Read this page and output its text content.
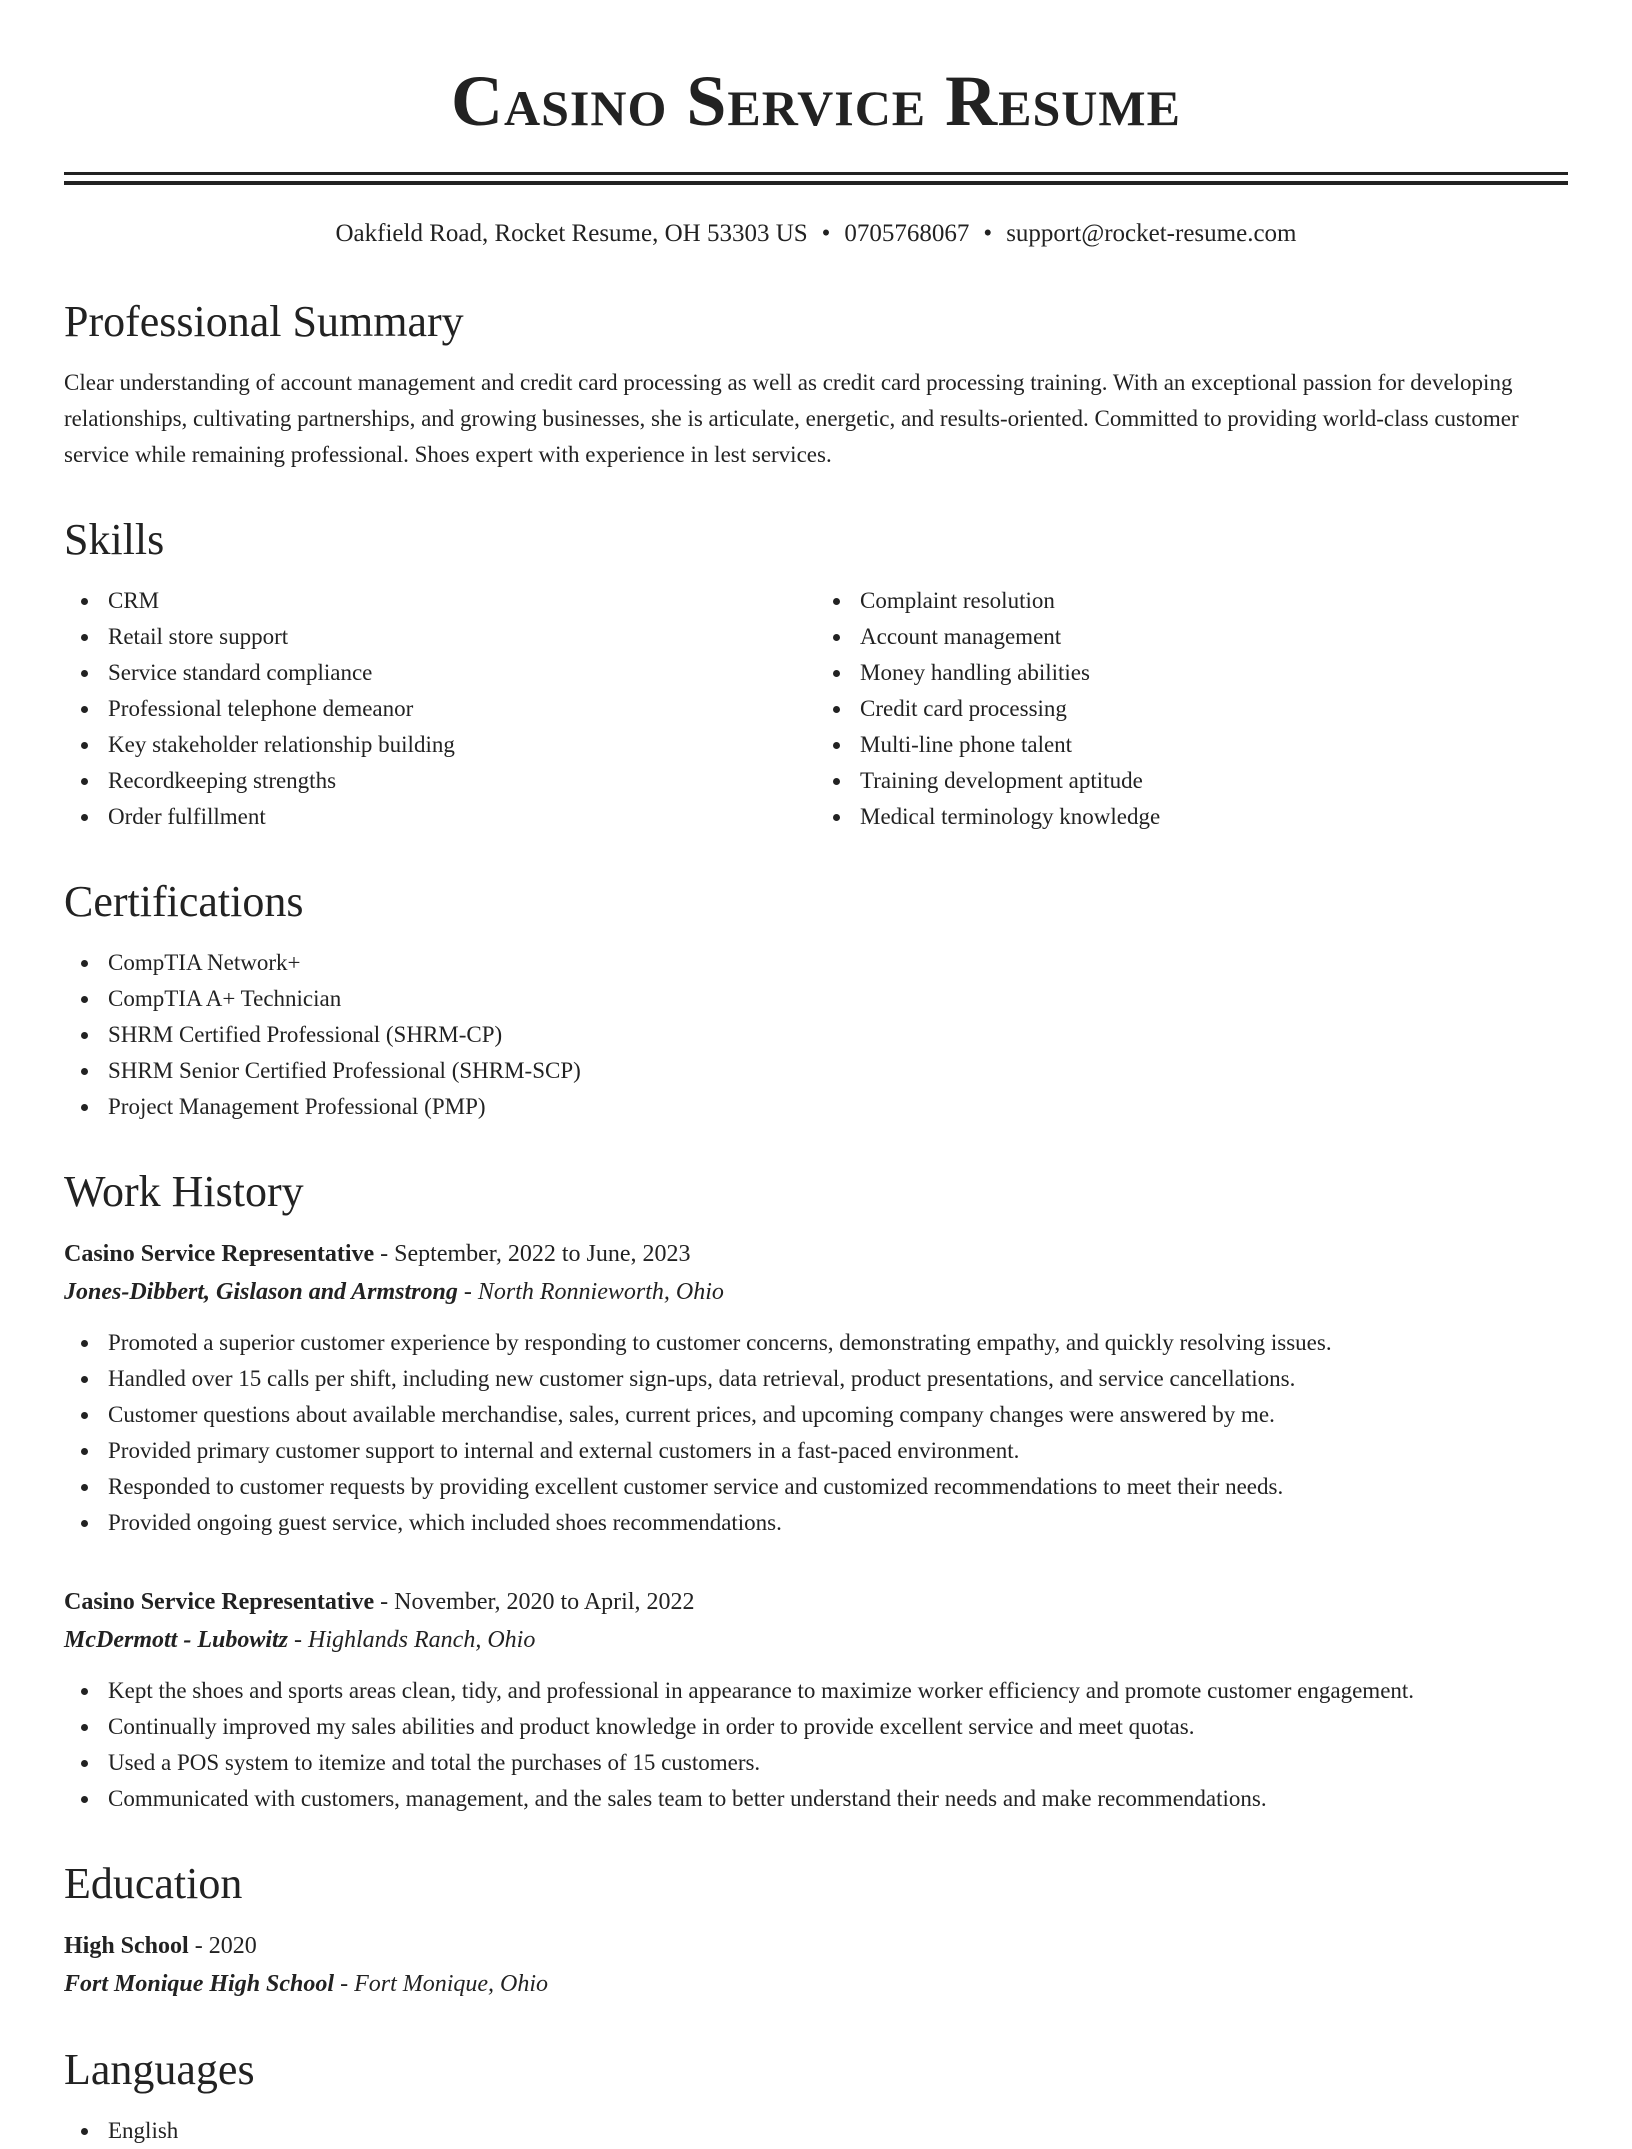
Casino Service Resume
Oakfield Road, Rocket Resume, OH 53303 US • 0705768067 • support@rocket-resume.com
Professional Summary

Clear understanding of account management and credit card processing as well as credit card processing training. With an exceptional passion for developing relationships, cultivating partnerships, and growing businesses, she is articulate, energetic, and results-oriented. Committed to providing world-class customer service while remaining professional. Shoes expert with experience in lest services.

Skills
CRM
Retail store support
Service standard compliance
Professional telephone demeanor
Key stakeholder relationship building
Recordkeeping strengths
Order fulfillment
Complaint resolution
Account management
Money handling abilities
Credit card processing
Multi-line phone talent
Training development aptitude
Medical terminology knowledge
Certifications
CompTIA Network+
CompTIA A+ Technician
SHRM Certified Professional (SHRM-CP)
SHRM Senior Certified Professional (SHRM-SCP)
Project Management Professional (PMP)
Work History
Casino Service Representative - September, 2022 to June, 2023
Jones-Dibbert, Gislason and Armstrong - North Ronnieworth, Ohio
Promoted a superior customer experience by responding to customer concerns, demonstrating empathy, and quickly resolving issues.
Handled over 15 calls per shift, including new customer sign-ups, data retrieval, product presentations, and service cancellations.
Customer questions about available merchandise, sales, current prices, and upcoming company changes were answered by me.
Provided primary customer support to internal and external customers in a fast-paced environment.
Responded to customer requests by providing excellent customer service and customized recommendations to meet their needs.
Provided ongoing guest service, which included shoes recommendations.
Casino Service Representative - November, 2020 to April, 2022
McDermott - Lubowitz - Highlands Ranch, Ohio
Kept the shoes and sports areas clean, tidy, and professional in appearance to maximize worker efficiency and promote customer engagement.
Continually improved my sales abilities and product knowledge in order to provide excellent service and meet quotas.
Used a POS system to itemize and total the purchases of 15 customers.
Communicated with customers, management, and the sales team to better understand their needs and make recommendations.
Education
High School - 2020
Fort Monique High School - Fort Monique, Ohio
Languages
English
